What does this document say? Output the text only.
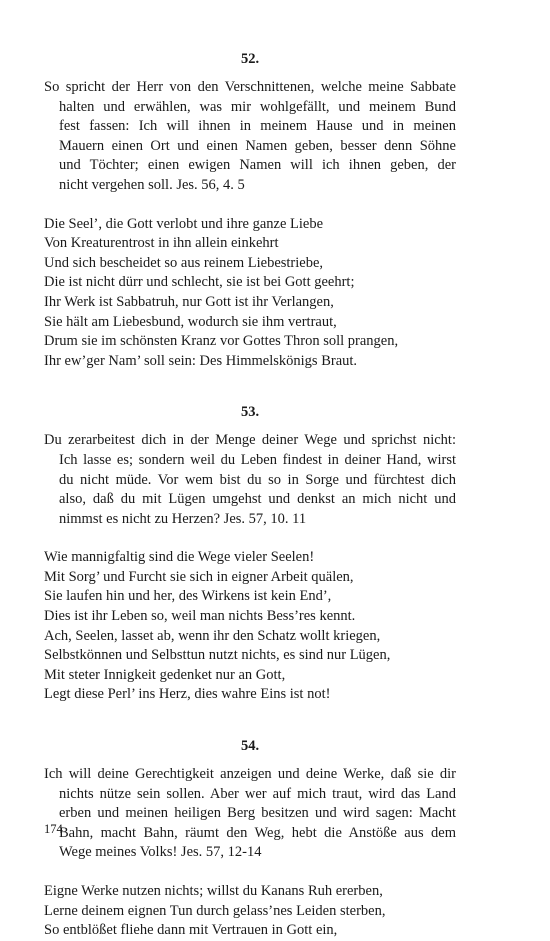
52.
So spricht der Herr von den Verschnittenen, welche meine Sabbate
halten und erwählen, was mir wohlgefällt, und meinem Bund
fest fassen: Ich will ihnen in meinem Hause und in meinen
Mauern einen Ort und einen Namen geben, besser denn Söhne
und Töchter; einen ewigen Namen will ich ihnen geben, der
nicht vergehen soll. Jes. 56, 4. 5
Die Seel’, die Gott verlobt und ihre ganze Liebe
Von Kreaturentrost in ihn allein einkehrt
Und sich bescheidet so aus reinem Liebestriebe,
Die ist nicht dürr und schlecht, sie ist bei Gott geehrt;
Ihr Werk ist Sabbatruh, nur Gott ist ihr Verlangen,
Sie hält am Liebesbund, wodurch sie ihm vertraut,
Drum sie im schönsten Kranz vor Gottes Thron soll prangen,
Ihr ew’ger Nam’ soll sein: Des Himmelskönigs Braut.
53.
Du zerarbeitest dich in der Menge deiner Wege und sprichst nicht:
Ich lasse es; sondern weil du Leben findest in deiner Hand, wirst
du nicht müde. Vor wem bist du so in Sorge und fürchtest dich
also, daß du mit Lügen umgehst und denkst an mich nicht und
nimmst es nicht zu Herzen? Jes. 57, 10. 11
Wie mannigfaltig sind die Wege vieler Seelen!
Mit Sorg’ und Furcht sie sich in eigner Arbeit quälen,
Sie laufen hin und her, des Wirkens ist kein End’,
Dies ist ihr Leben so, weil man nichts Bess’res kennt.
Ach, Seelen, lasset ab, wenn ihr den Schatz wollt kriegen,
Selbstkönnen und Selbsttun nutzt nichts, es sind nur Lügen,
Mit steter Innigkeit gedenket nur an Gott,
Legt diese Perl’ ins Herz, dies wahre Eins ist not!
54.
Ich will deine Gerechtigkeit anzeigen und deine Werke, daß sie dir
nichts nütze sein sollen. Aber wer auf mich traut, wird das Land
erben und meinen heiligen Berg besitzen und wird sagen: Macht
Bahn, macht Bahn, räumt den Weg, hebt die Anstöße aus dem
Wege meines Volks! Jes. 57, 12-14
Eigne Werke nutzen nichts; willst du Kanans Ruh ererben,
Lerne deinem eignen Tun durch gelass’nes Leiden sterben,
So entblößet fliehe dann mit Vertrauen in Gott ein,
174
